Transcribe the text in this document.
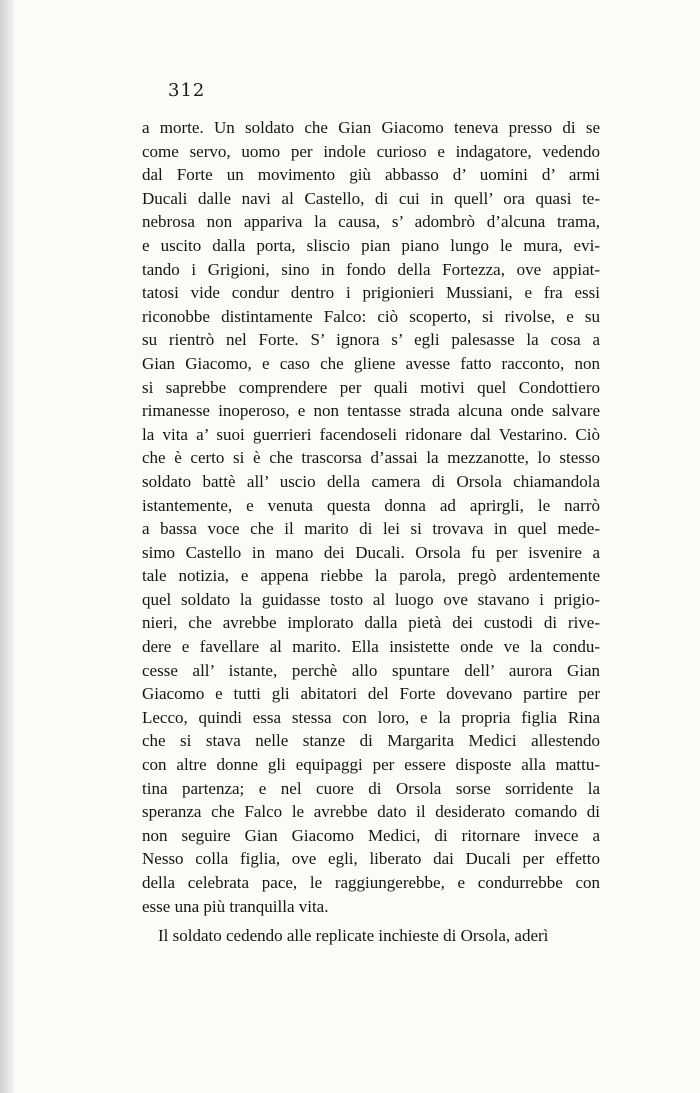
312
a morte. Un soldato che Gian Giacomo teneva presso di se
come servo, uomo per indole curioso e indagatore, vedendo
dal Forte un movimento giù abbasso d’ uomini d’ armi
Ducali dalle navi al Castello, di cui in quell’ ora quasi te-
nebrosa non appariva la causa, s’ adombrò d’alcuna trama,
e uscito dalla porta, sliscio pian piano lungo le mura, evi-
tando i Grigioni, sino in fondo della Fortezza, ove appiat-
tatosi vide condur dentro i prigionieri Mussiani, e fra essi
riconobbe distintamente Falco: ciò scoperto, si rivolse, e su
su rientrò nel Forte. S’ ignora s’ egli palesasse la cosa a
Gian Giacomo, e caso che gliene avesse fatto racconto, non
si saprebbe comprendere per quali motivi quel Condottiero
rimanesse inoperoso, e non tentasse strada alcuna onde salvare
la vita a’ suoi guerrieri facendoseli ridonare dal Vestarino. Ciò
che è certo si è che trascorsa d’assai la mezzanotte, lo stesso
soldato battè all’ uscio della camera di Orsola chiamandola
istantemente, e venuta questa donna ad aprirgli, le narrò
a bassa voce che il marito di lei si trovava in quel mede-
simo Castello in mano dei Ducali. Orsola fu per isvenire a
tale notizia, e appena riebbe la parola, pregò ardentemente
quel soldato la guidasse tosto al luogo ove stavano i prigio-
nieri, che avrebbe implorato dalla pietà dei custodi di rive-
dere e favellare al marito. Ella insistette onde ve la condu-
cesse all’ istante, perchè allo spuntare dell’ aurora Gian
Giacomo e tutti gli abitatori del Forte dovevano partire per
Lecco, quindi essa stessa con loro, e la propria figlia Rina
che si stava nelle stanze di Margarita Medici allestendo
con altre donne gli equipaggi per essere disposte alla mattu-
tina partenza; e nel cuore di Orsola sorse sorridente la
speranza che Falco le avrebbe dato il desiderato comando di
non seguire Gian Giacomo Medici, di ritornare invece a
Nesso colla figlia, ove egli, liberato dai Ducali per effetto
della celebrata pace, le raggiungerebbe, e condurrebbe con
esse una più tranquilla vita.
Il soldato cedendo alle replicate inchieste di Orsola, aderì
